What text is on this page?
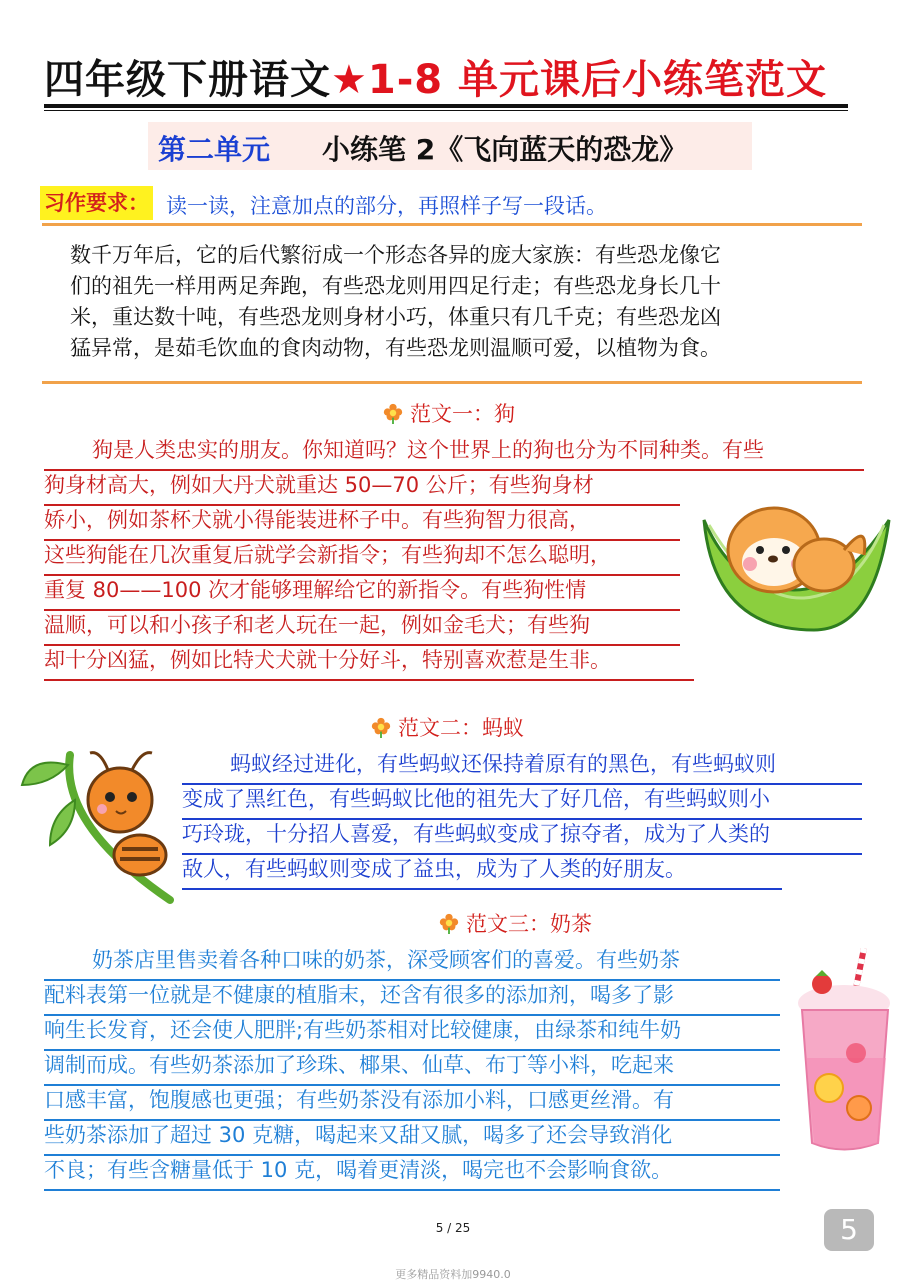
四年级下册语文★1-8 单元课后小练笔范文
第二单元 小练笔 2《飞向蓝天的恐龙》
习作要求： 读一读，注意加点的部分，再照样子写一段话。

数千万年后，它的后代繁衍成一个形态各异的庞大家族：有些恐龙像它

们的祖先一样用两足奔跑，有些恐龙则用四足行走；有些恐龙身长几十

米，重达数十吨，有些恐龙则身材小巧，体重只有几千克；有些恐龙凶

猛异常，是茹毛饮血的食肉动物，有些恐龙则温顺可爱，以植物为食。

范文一：狗
狗是人类忠实的朋友。你知道吗？这个世界上的狗也分为不同种类。有些
狗身材高大，例如大丹犬就重达 50—70 公斤；有些狗身材
娇小，例如茶杯犬就小得能装进杯子中。有些狗智力很高，
这些狗能在几次重复后就学会新指令；有些狗却不怎么聪明，
重复 80——100 次才能够理解给它的新指令。有些狗性情
温顺，可以和小孩子和老人玩在一起，例如金毛犬；有些狗
却十分凶猛，例如比特犬犬就十分好斗，特别喜欢惹是生非。
范文二：蚂蚁
蚂蚁经过进化，有些蚂蚁还保持着原有的黑色，有些蚂蚁则
变成了黑红色，有些蚂蚁比他的祖先大了好几倍，有些蚂蚁则小
巧玲珑，十分招人喜爱，有些蚂蚁变成了掠夺者，成为了人类的
敌人，有些蚂蚁则变成了益虫，成为了人类的好朋友。
范文三：奶茶
奶茶店里售卖着各种口味的奶茶，深受顾客们的喜爱。有些奶茶
配料表第一位就是不健康的植脂末，还含有很多的添加剂，喝多了影
响生长发育，还会使人肥胖;有些奶茶相对比较健康，由绿茶和纯牛奶
调制而成。有些奶茶添加了珍珠、椰果、仙草、布丁等小料，吃起来
口感丰富，饱腹感也更强；有些奶茶没有添加小料，口感更丝滑。有
些奶茶添加了超过 30 克糖，喝起来又甜又腻，喝多了还会导致消化
不良；有些含糖量低于 10 克，喝着更清淡，喝完也不会影响食欲。
5 / 25	5
更多精品资料加9940.0
